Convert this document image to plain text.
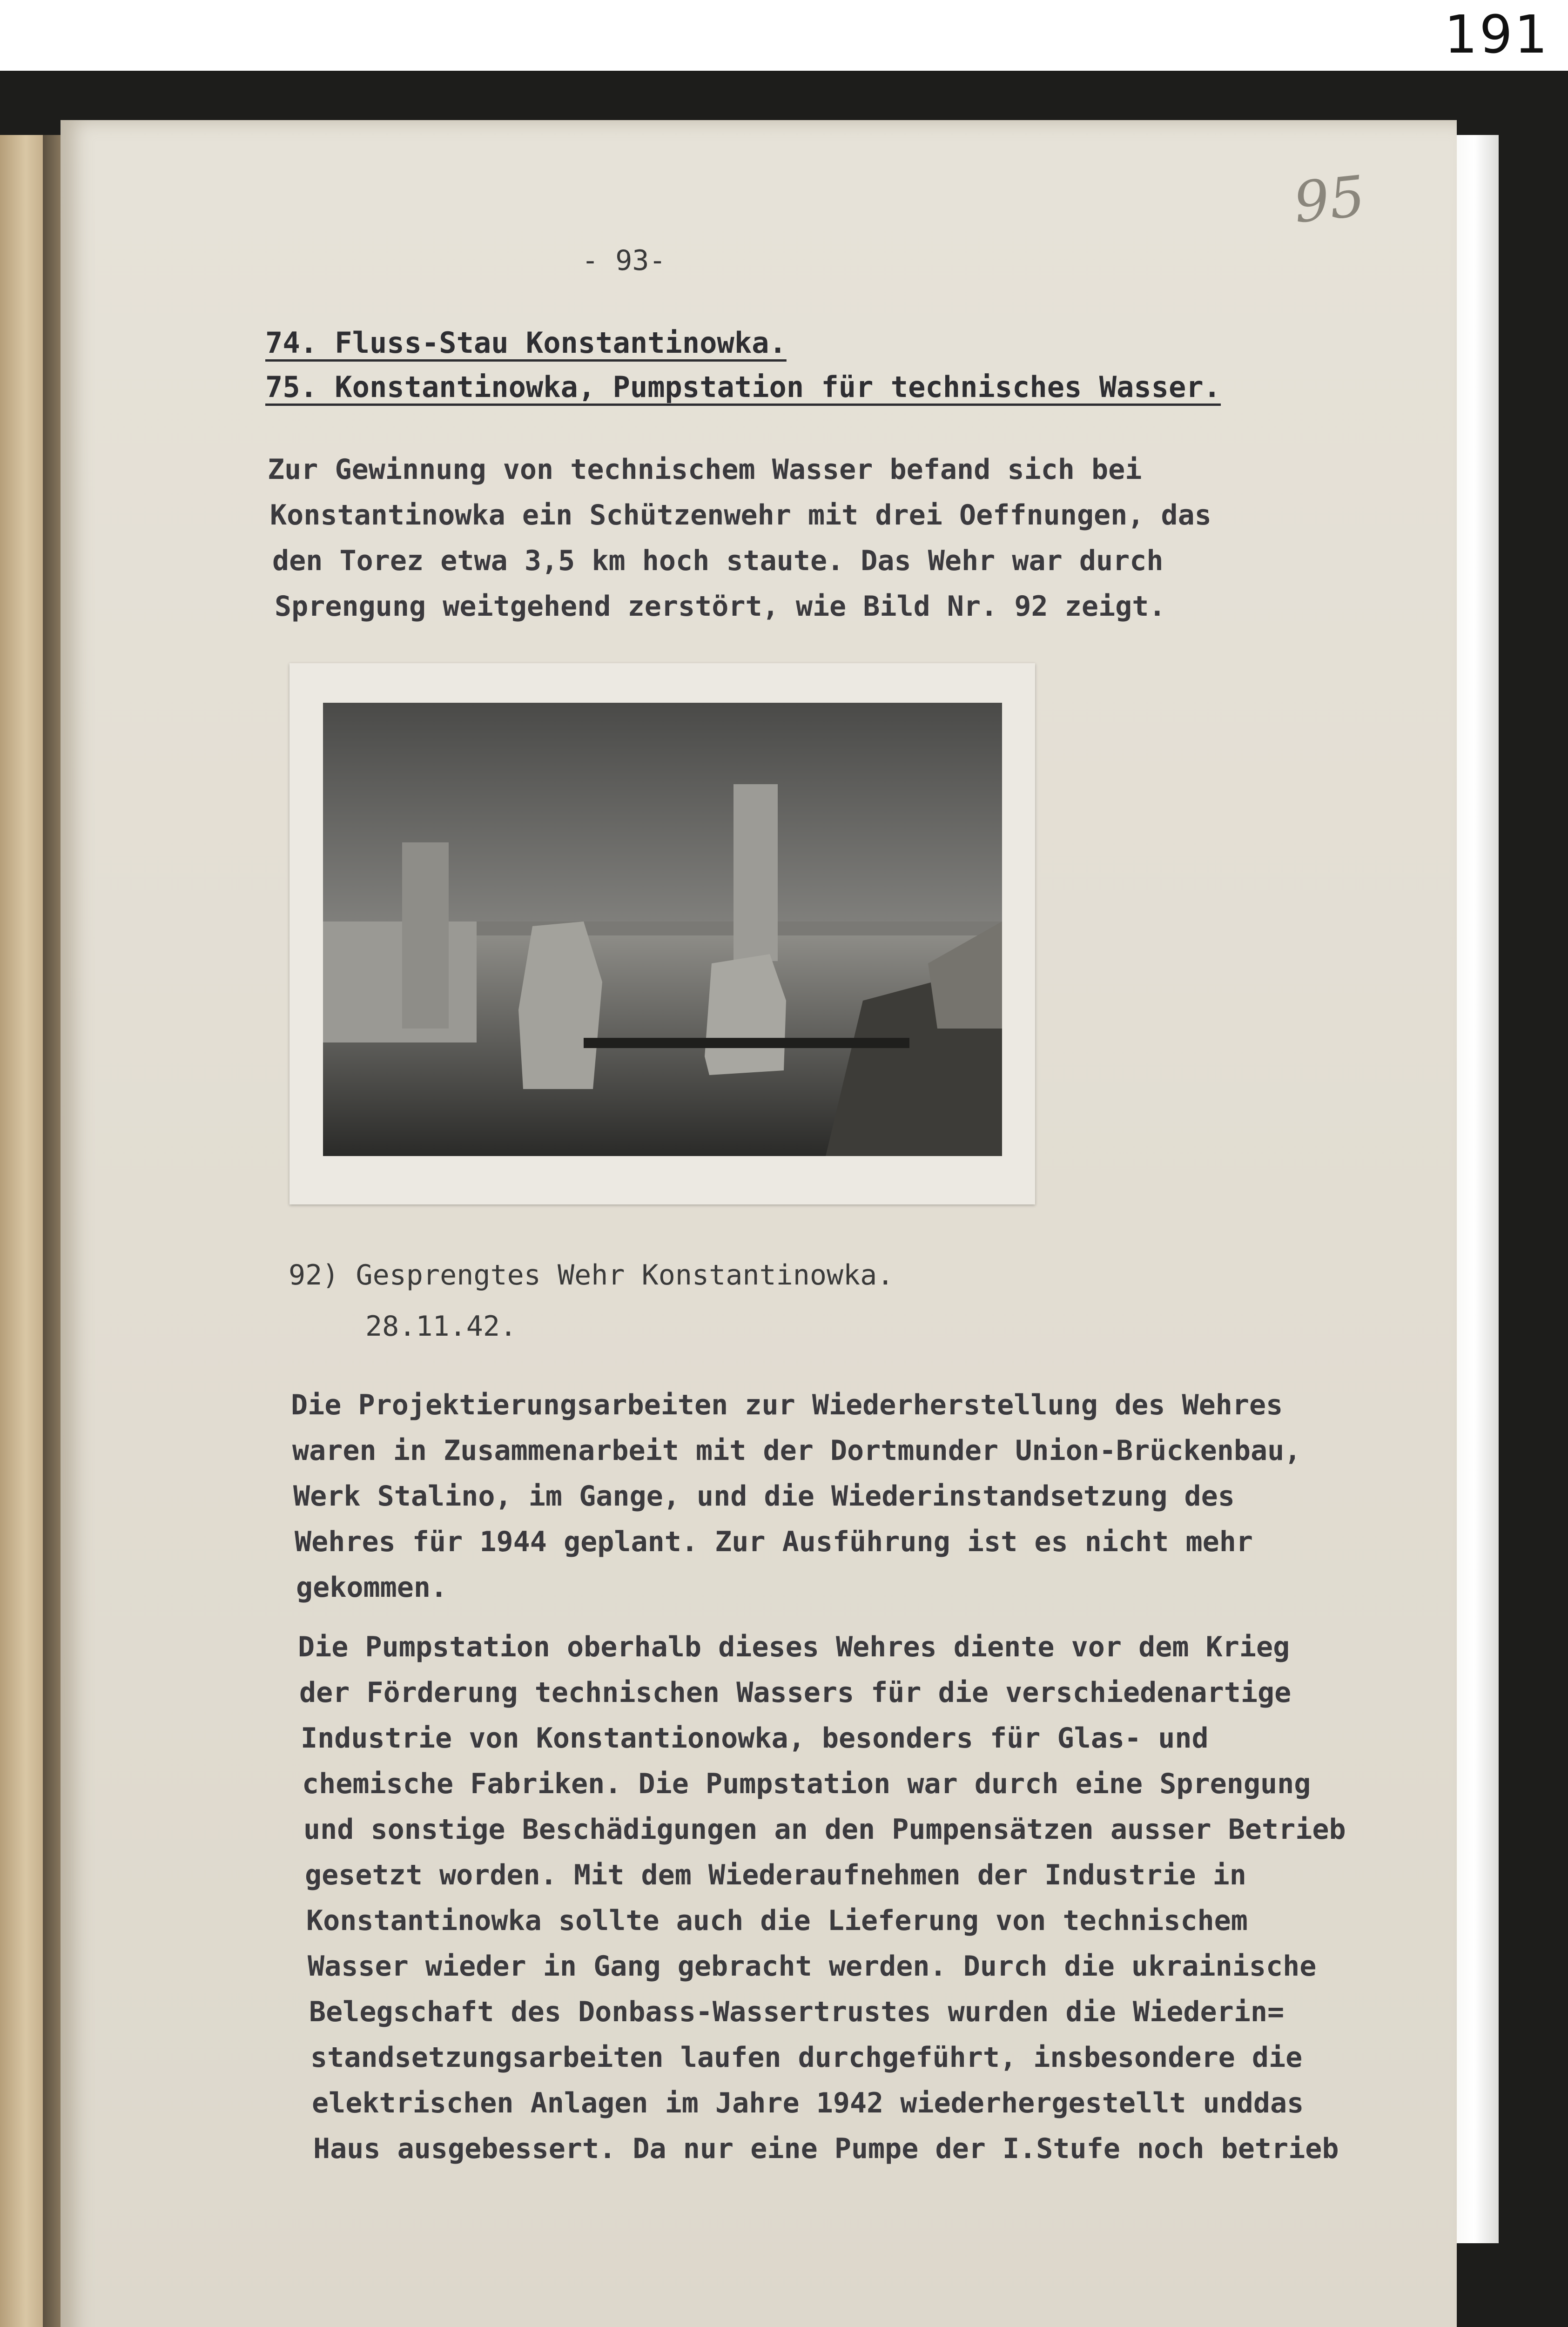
191
95
- 93-
74. Fluss-Stau Konstantinowka.
75. Konstantinowka, Pumpstation für technisches Wasser.
Zur Gewinnung von technischem Wasser befand sich bei
Konstantinowka ein Schützenwehr mit drei Oeffnungen, das
den Torez etwa 3,5 km hoch staute. Das Wehr war durch
Sprengung weitgehend zerstört, wie Bild Nr. 92 zeigt.
92) Gesprengtes Wehr Konstantinowka.
28.11.42.
Die Projektierungsarbeiten zur Wiederherstellung des Wehres
waren in Zusammenarbeit mit der Dortmunder Union-Brückenbau,
Werk Stalino, im Gange, und die Wiederinstandsetzung des
Wehres für 1944 geplant. Zur Ausführung ist es nicht mehr
gekommen.
Die Pumpstation oberhalb dieses Wehres diente vor dem Krieg
der Förderung technischen Wassers für die verschiedenartige
Industrie von Konstantionowka, besonders für Glas- und
chemische Fabriken. Die Pumpstation war durch eine Sprengung
und sonstige Beschädigungen an den Pumpensätzen ausser Betrieb
gesetzt worden. Mit dem Wiederaufnehmen der Industrie in
Konstantinowka sollte auch die Lieferung von technischem
Wasser wieder in Gang gebracht werden. Durch die ukrainische
Belegschaft des Donbass-Wassertrustes wurden die Wiederin=
standsetzungsarbeiten laufen durchgeführt, insbesondere die
elektrischen Anlagen im Jahre 1942 wiederhergestellt unddas
Haus ausgebessert. Da nur eine Pumpe der I.Stufe noch betrieb
